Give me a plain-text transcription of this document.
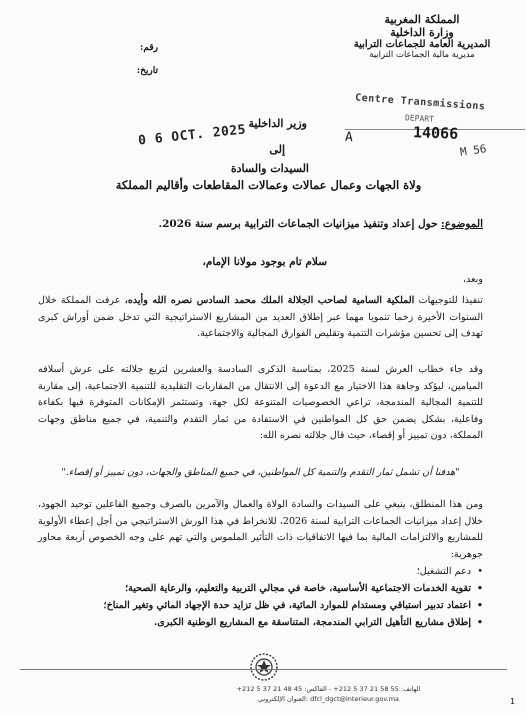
المملكة المغربية
وزارة الداخلية
المديرية العامة للجماعات الترابية
مديرية مالية الجماعات الترابية
رقم:
تاريخ:
Centre Transmissions
DEPART
A	14066
M 56
0 6 OCT. 2025 وزير الداخلية
إلى
السيدات والسادة
ولاة الجهات وعمال عمالات وعمالات المقاطعات وأقاليم المملكة
الموضوع: حول إعداد وتنفيذ ميزانيات الجماعات الترابية برسم سنة 2026.
سلام تام بوجود مولانا الإمام،
وبعد،
تنفيذا للتوجيهات الملكية السامية لصاحب الجلالة الملك محمد السادس نصره الله وأيده، عرفت المملكة خلال السنوات الأخيرة زخما تنمويا مهما عبر إطلاق العديد من المشاريع الاستراتيجية التي تدخل ضمن أوراش كبرى تهدف إلى تحسين مؤشرات التنمية وتقليص الفوارق المجالية والاجتماعية.
وقد جاء خطاب العرش لسنة 2025، بمناسبة الذكرى السادسة والعشرين لتربع جلالته على عرش أسلافه الميامين، ليؤكد وجاهة هذا الاختيار مع الدعوة إلى الانتقال من المقاربات التقليدية للتنمية الاجتماعية، إلى مقاربة للتنمية المجالية المندمجة، تراعي الخصوصيات المتنوعة لكل جهة، وتستثمر الإمكانات المتوفرة فيها بكفاءة وفاعلية، بشكل يضمن حق كل المواطنين في الاستفادة من ثمار التقدم والتنمية، في جميع مناطق وجهات المملكة، دون تمييز أو إقصاء، حيث قال جلالته نصره الله:
"هدفنا أن تشمل ثمار التقدم والتنمية كل المواطنين، في جميع المناطق والجهات، دون تمييز أو إقصاء."
ومن هذا المنطلق، ينبغي على السيدات والسادة الولاة والعمال والآمرين بالصرف وجميع الفاعلين توحيد الجهود، خلال إعداد ميزانيات الجماعات الترابية لسنة 2026، للانخراط في هذا الورش الاستراتيجي من أجل إعطاء الأولوية للمشاريع والالتزامات المالية بما فيها الاتفاقيات ذات التأثير الملموس والتي تهم على وجه الخصوص أربعة محاور جوهرية:
•
دعم التشغيل؛
•
تقوية الخدمات الاجتماعية الأساسية، خاصة في مجالي التربية والتعليم، والرعاية الصحية؛
•
اعتماد تدبير استباقي ومستدام للموارد المائية، في ظل تزايد حدة الإجهاد المائي وتغير المناخ؛
•
إطلاق مشاريع التأهيل الترابي المندمجة، المتناسقة مع المشاريع الوطنية الكبرى.
الهاتف: 55 58 21 37 5 212+ - الفاكس: 45 48 21 37 5 212+
العنوان الإلكتروني: dfcl_dgct@interieur.gov.ma	1
